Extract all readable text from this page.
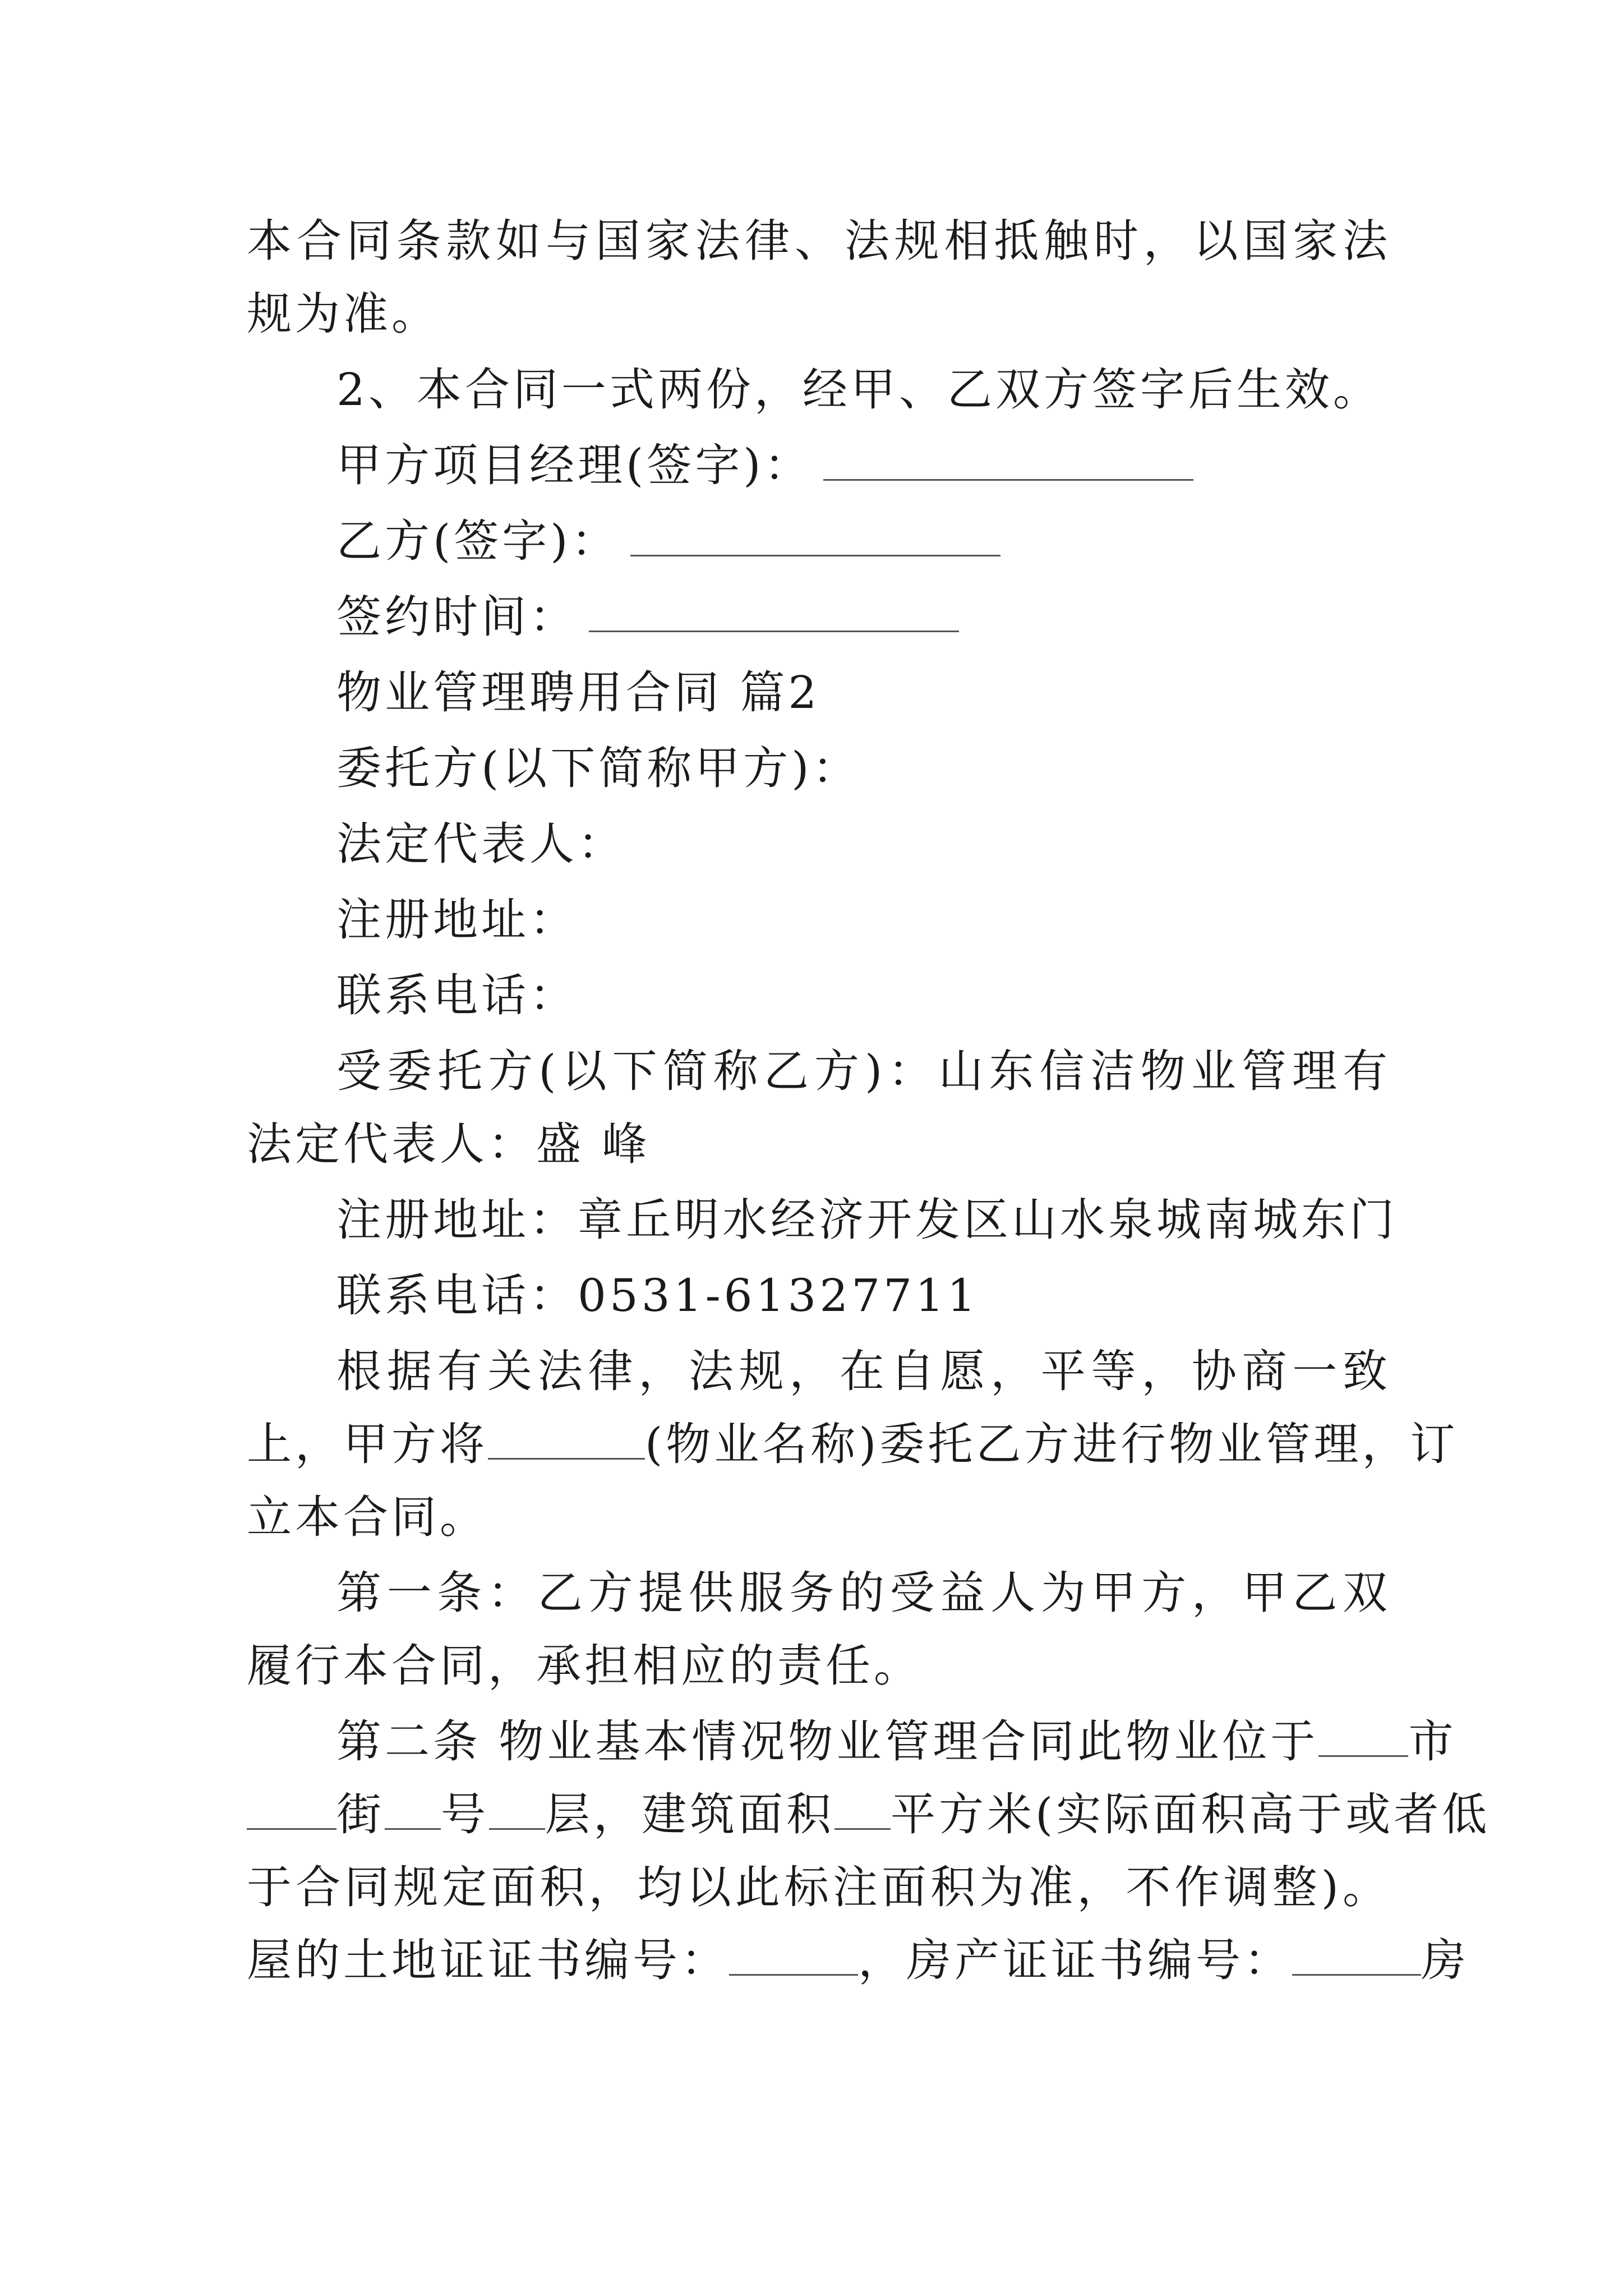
本合同条款如与国家法律、法规相抵触时，以国家法
规为准。
2、本合同一式两份，经甲、乙双方签字后生效。
甲方项目经理(签字)：
乙方(签字)：
签约时间：
物业管理聘用合同 篇2
委托方(以下简称甲方)：
法定代表人：
注册地址：
联系电话：
受委托方(以下简称乙方)：山东信洁物业管理有
法定代表人：盛 峰
注册地址：章丘明水经济开发区山水泉城南城东门
联系电话：0531-61327711
根据有关法律，法规，在自愿，平等，协商一致
上，甲方将	(物业名称)委托乙方进行物业管理，订
立本合同。
第一条：乙方提供服务的受益人为甲方，甲乙双
履行本合同，承担相应的责任。
第二条 物业基本情况物业管理合同此物业位于 市
街 号 层，建筑面积 平方米(实际面积高于或者低
于合同规定面积，均以此标注面积为准，不作调整)。
屋的土地证证书编号：	，房产证证书编号：	房
